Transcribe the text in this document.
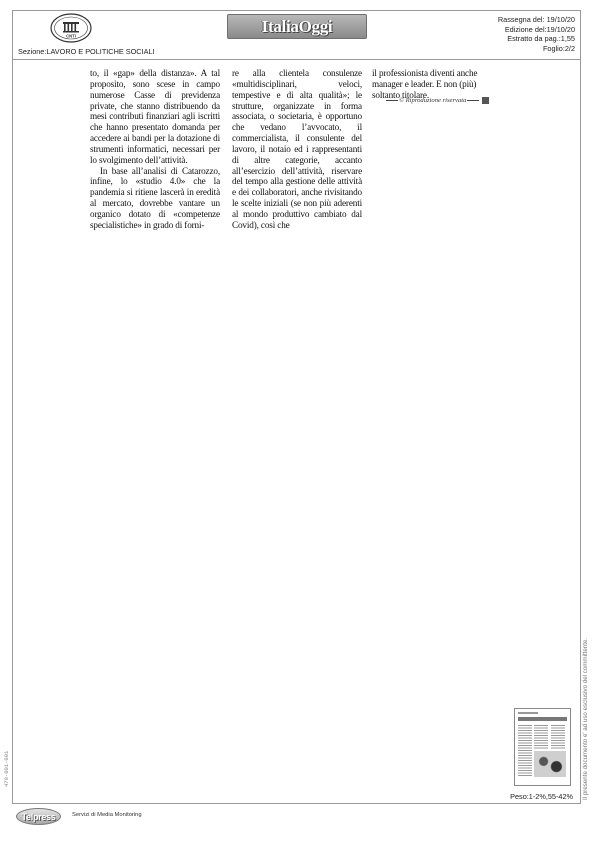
CNTI
Sezione:LAVORO E POLITICHE SOCIALI
ItaliaOggi	Rassegna del: 19/10/20
Edizione del:19/10/20
Estratto da pag.:1,55
Foglio:2/2

to, il «gap» della distanza». A tal proposito, sono scese in campo numerose Casse di previdenza private, che stanno distribuendo da mesi contributi finanziari agli iscritti che hanno presentato domanda per accedere ai bandi per la dotazione di strumenti informatici, necessari per lo svolgimento dell’attività.

In base all’analisi di Catarozzo, infine, lo «studio 4.0» che la pandemia si ritiene lascerà in eredità al mercato, dovrebbe vantare un organico dotato di «competenze specialistiche» in grado di forni-

re alla clientela consulenze «multidisciplinari, veloci, tempestive e di alta qualità»; le strutture, organizzate in forma associata, o societaria, è opportuno che vedano l’avvocato, il commercialista, il consulente del lavoro, il notaio ed i rappresentanti di altre categorie, accanto all’esercizio dell’attività, riservare del tempo alla gestione delle attività e dei collaboratori, anche rivisitando le scelte iniziali (se non più aderenti al mondo produttivo cambiato dal Covid), così che

il professionista diventi anche manager e leader. E non (più) soltanto titolare.

© Riproduzione riservata
Peso:1-2%,55-42%
Telpress	Servizi di Media Monitoring
Il presente documento e' ad uso esclusivo del committente.
478-001-001
